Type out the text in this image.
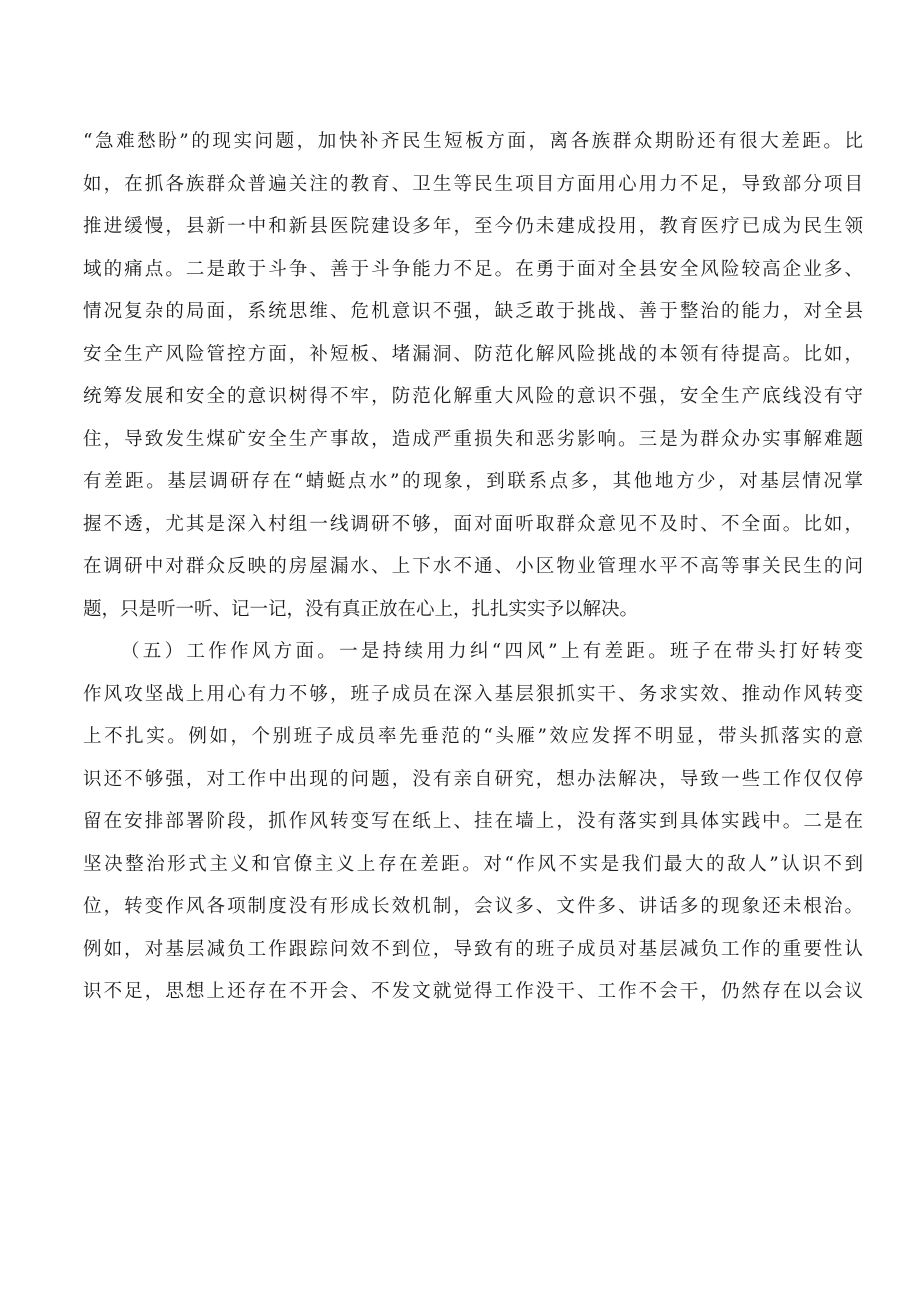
“急难愁盼”的现实问题，加快补齐民生短板方面，离各族群众期盼还有很大差距。比
如，在抓各族群众普遍关注的教育、卫生等民生项目方面用心用力不足，导致部分项目
推进缓慢，县新一中和新县医院建设多年，至今仍未建成投用，教育医疗已成为民生领
域的痛点。二是敢于斗争、善于斗争能力不足。在勇于面对全县安全风险较高企业多、
情况复杂的局面，系统思维、危机意识不强，缺乏敢于挑战、善于整治的能力，对全县
安全生产风险管控方面，补短板、堵漏洞、防范化解风险挑战的本领有待提高。比如，
统筹发展和安全的意识树得不牢，防范化解重大风险的意识不强，安全生产底线没有守
住，导致发生煤矿安全生产事故，造成严重损失和恶劣影响。三是为群众办实事解难题
有差距。基层调研存在“蜻蜓点水”的现象，到联系点多，其他地方少，对基层情况掌
握不透，尤其是深入村组一线调研不够，面对面听取群众意见不及时、不全面。比如，
在调研中对群众反映的房屋漏水、上下水不通、小区物业管理水平不高等事关民生的问
题，只是听一听、记一记，没有真正放在心上，扎扎实实予以解决。
（五）工作作风方面。一是持续用力纠“四风”上有差距。班子在带头打好转变
作风攻坚战上用心有力不够，班子成员在深入基层狠抓实干、务求实效、推动作风转变
上不扎实。例如，个别班子成员率先垂范的“头雁”效应发挥不明显，带头抓落实的意
识还不够强，对工作中出现的问题，没有亲自研究，想办法解决，导致一些工作仅仅停
留在安排部署阶段，抓作风转变写在纸上、挂在墙上，没有落实到具体实践中。二是在
坚决整治形式主义和官僚主义上存在差距。对“作风不实是我们最大的敌人”认识不到
位，转变作风各项制度没有形成长效机制，会议多、文件多、讲话多的现象还未根治。
例如，对基层减负工作跟踪问效不到位，导致有的班子成员对基层减负工作的重要性认
识不足，思想上还存在不开会、不发文就觉得工作没干、工作不会干，仍然存在以会议
